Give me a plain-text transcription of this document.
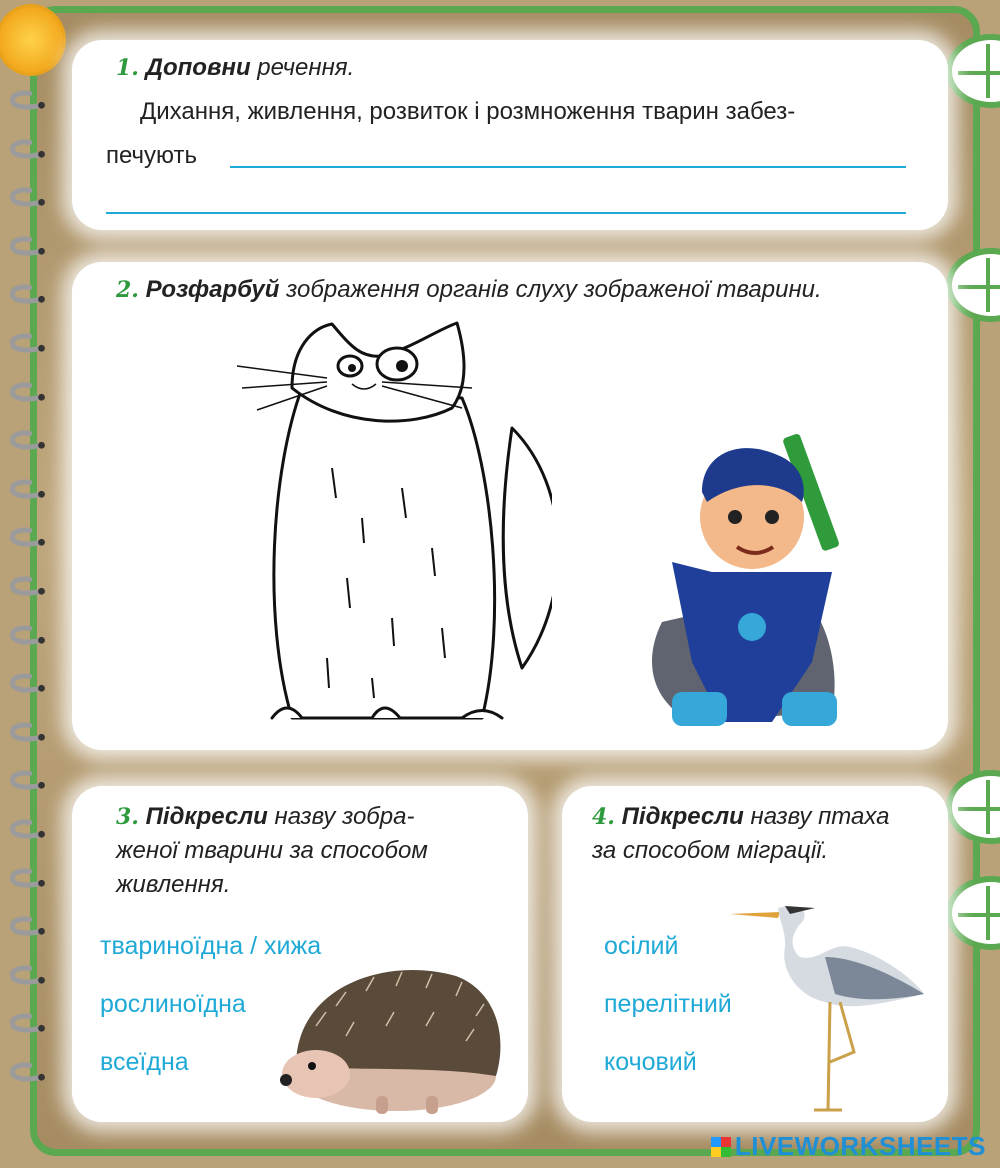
1. Доповни речення.
Дихання, живлення, розвиток і розмноження тварин забез-
печують
2. Розфарбуй зображення органів слуху зображеної тварини.
3. Підкресли назву зобра-
женої тварини за способом
живлення.
твариноїдна / хижа
рослиноїдна
всеїдна
4. Підкресли назву птаха
за способом міграції.
осілий
перелітний
кочовий
LIVEWORKSHEETS
